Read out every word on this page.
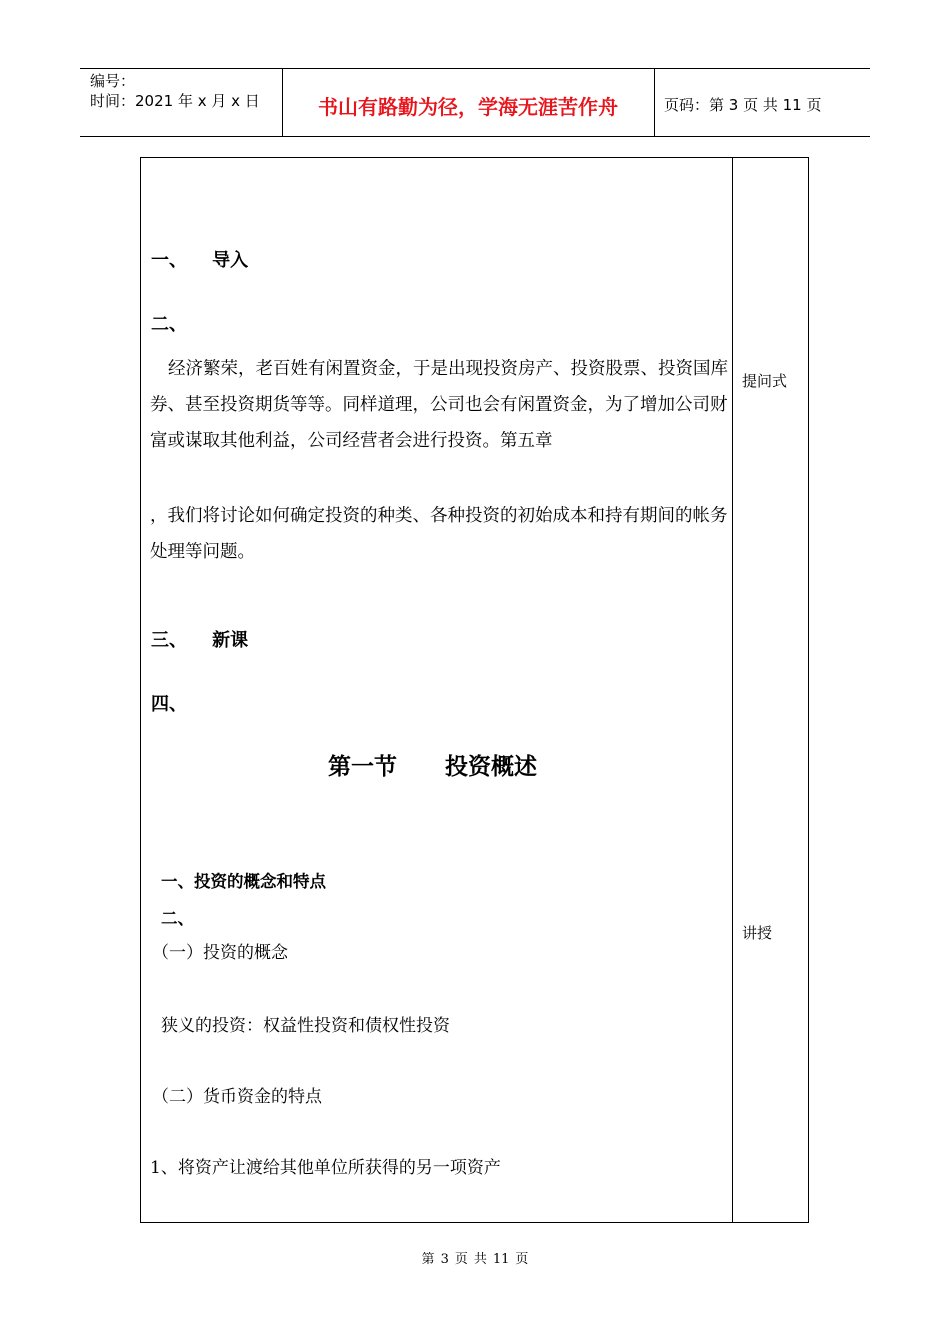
编号：
时间：2021 年 x 月 x 日	书山有路勤为径，学海无涯苦作舟	页码：第 3 页 共 11 页
一、    导入
二、
经济繁荣，老百姓有闲置资金，于是出现投资房产、投资股票、投资国库券、甚至投资期货等等。同样道理，公司也会有闲置资金，为了增加公司财富或谋取其他利益，公司经营者会进行投资。第五章
，我们将讨论如何确定投资的种类、各种投资的初始成本和持有期间的帐务处理等问题。
三、    新课
四、
第一节      投资概述
一、投资的概念和特点
二、
（一）投资的概念
狭义的投资：权益性投资和债权性投资
（二）货币资金的特点
1、将资产让渡给其他单位所获得的另一项资产
提问式
讲授
第 3 页 共 11 页
